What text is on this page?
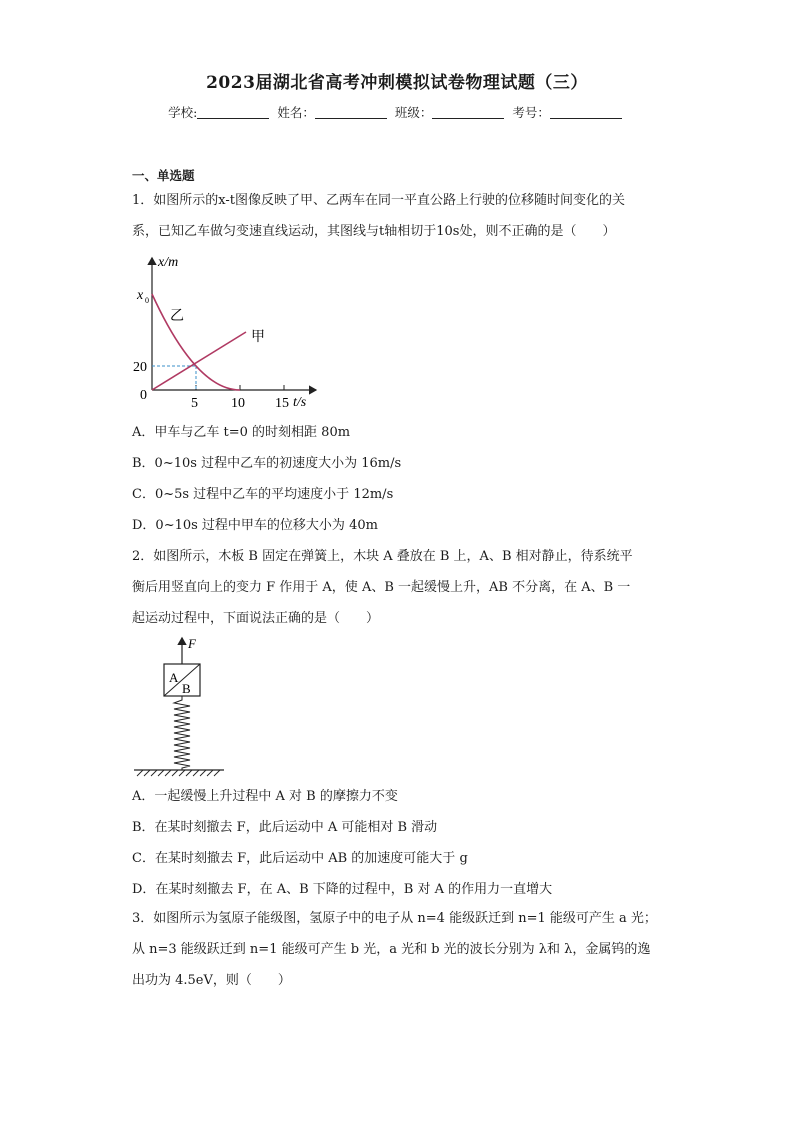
2023届湖北省高考冲刺模拟试卷物理试题（三）
学校:	姓名：	班级：	考号：
一、单选题
1．如图所示的x-t图像反映了甲、乙两车在同一平直公路上行驶的位移随时间变化的关
系，已知乙车做匀变速直线运动，其图线与t轴相切于10s处，则不正确的是（　　）
x/m
t/s
x 0
20
0
5 10 15
乙
甲
A．甲车与乙车 t=0 的时刻相距 80m
B．0~10s 过程中乙车的初速度大小为 16m/s
C．0~5s 过程中乙车的平均速度小于 12m/s
D．0~10s 过程中甲车的位移大小为 40m
2．如图所示，木板 B 固定在弹簧上，木块 A 叠放在 B 上，A、B 相对静止，待系统平
衡后用竖直向上的变力 F 作用于 A，使 A、B 一起缓慢上升，AB 不分离，在 A、B 一
起运动过程中，下面说法正确的是（　　）
F
A
B
A．一起缓慢上升过程中 A 对 B 的摩擦力不变
B．在某时刻撤去 F，此后运动中 A 可能相对 B 滑动
C．在某时刻撤去 F，此后运动中 AB 的加速度可能大于 g
D．在某时刻撤去 F，在 A、B 下降的过程中，B 对 A 的作用力一直增大
3．如图所示为氢原子能级图，氢原子中的电子从 n=4 能级跃迁到 n=1 能级可产生 a 光；
从 n=3 能级跃迁到 n=1 能级可产生 b 光，a 光和 b 光的波长分别为 λ和 λ，金属钨的逸
出功为 4.5eV，则（　　）
